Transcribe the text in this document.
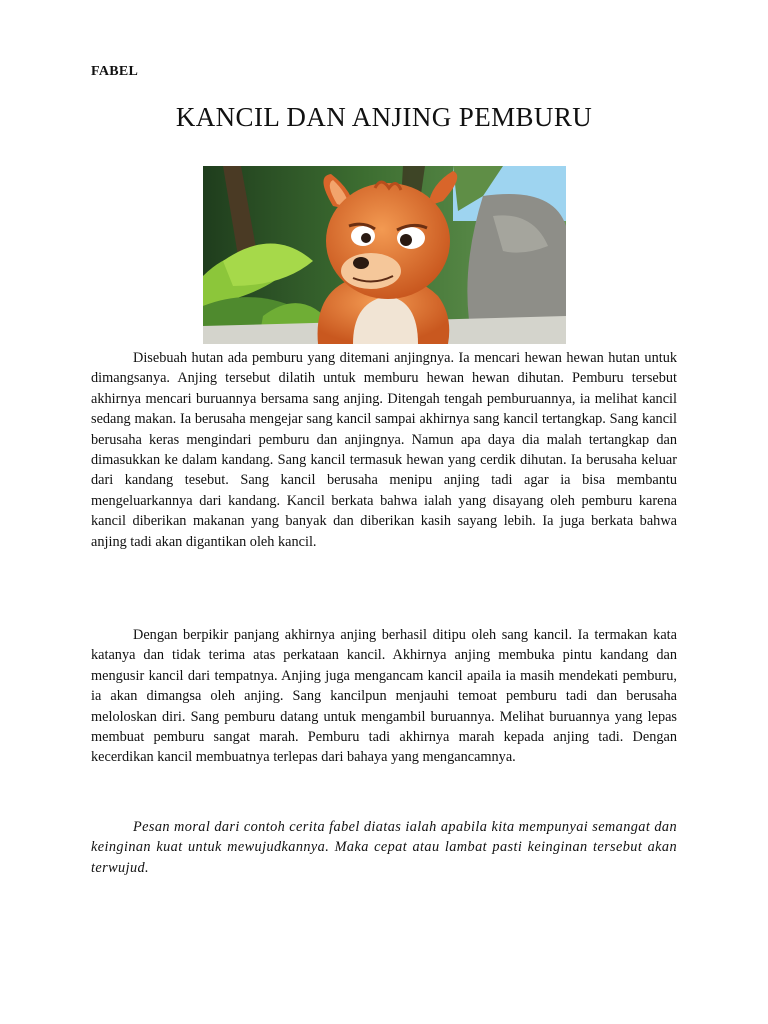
FABEL
KANCIL DAN ANJING PEMBURU

Disebuah hutan ada pemburu yang ditemani anjingnya. Ia mencari hewan hewan hutan untuk dimangsanya. Anjing tersebut dilatih untuk memburu hewan hewan dihutan. Pemburu tersebut akhirnya mencari buruannya bersama sang anjing. Ditengah tengah pemburuannya, ia melihat kancil sedang makan. Ia berusaha mengejar sang kancil sampai akhirnya sang kancil tertangkap. Sang kancil berusaha keras mengindari pemburu dan anjingnya. Namun apa daya dia malah tertangkap dan dimasukkan ke dalam kandang. Sang kancil termasuk hewan yang cerdik dihutan. Ia berusaha keluar dari kandang tesebut. Sang kancil berusaha menipu anjing tadi agar ia bisa membantu mengeluarkannya dari kandang. Kancil berkata bahwa ialah yang disayang oleh pemburu karena kancil diberikan makanan yang banyak dan diberikan kasih sayang lebih. Ia juga berkata bahwa anjing tadi akan digantikan oleh kancil.

Dengan berpikir panjang akhirnya anjing berhasil ditipu oleh sang kancil. Ia termakan kata katanya dan tidak terima atas perkataan kancil. Akhirnya anjing membuka pintu kandang dan mengusir kancil dari tempatnya. Anjing juga mengancam kancil apaila ia masih mendekati pemburu, ia akan dimangsa oleh anjing. Sang kancilpun menjauhi temoat pemburu tadi dan berusaha meloloskan diri. Sang pemburu datang untuk mengambil buruannya. Melihat buruannya yang lepas membuat pemburu sangat marah. Pemburu tadi akhirnya marah kepada anjing tadi. Dengan kecerdikan kancil membuatnya terlepas dari bahaya yang mengancamnya.

Pesan moral dari contoh cerita fabel diatas ialah apabila kita mempunyai semangat dan keinginan kuat untuk mewujudkannya. Maka cepat atau lambat pasti keinginan tersebut akan terwujud.
